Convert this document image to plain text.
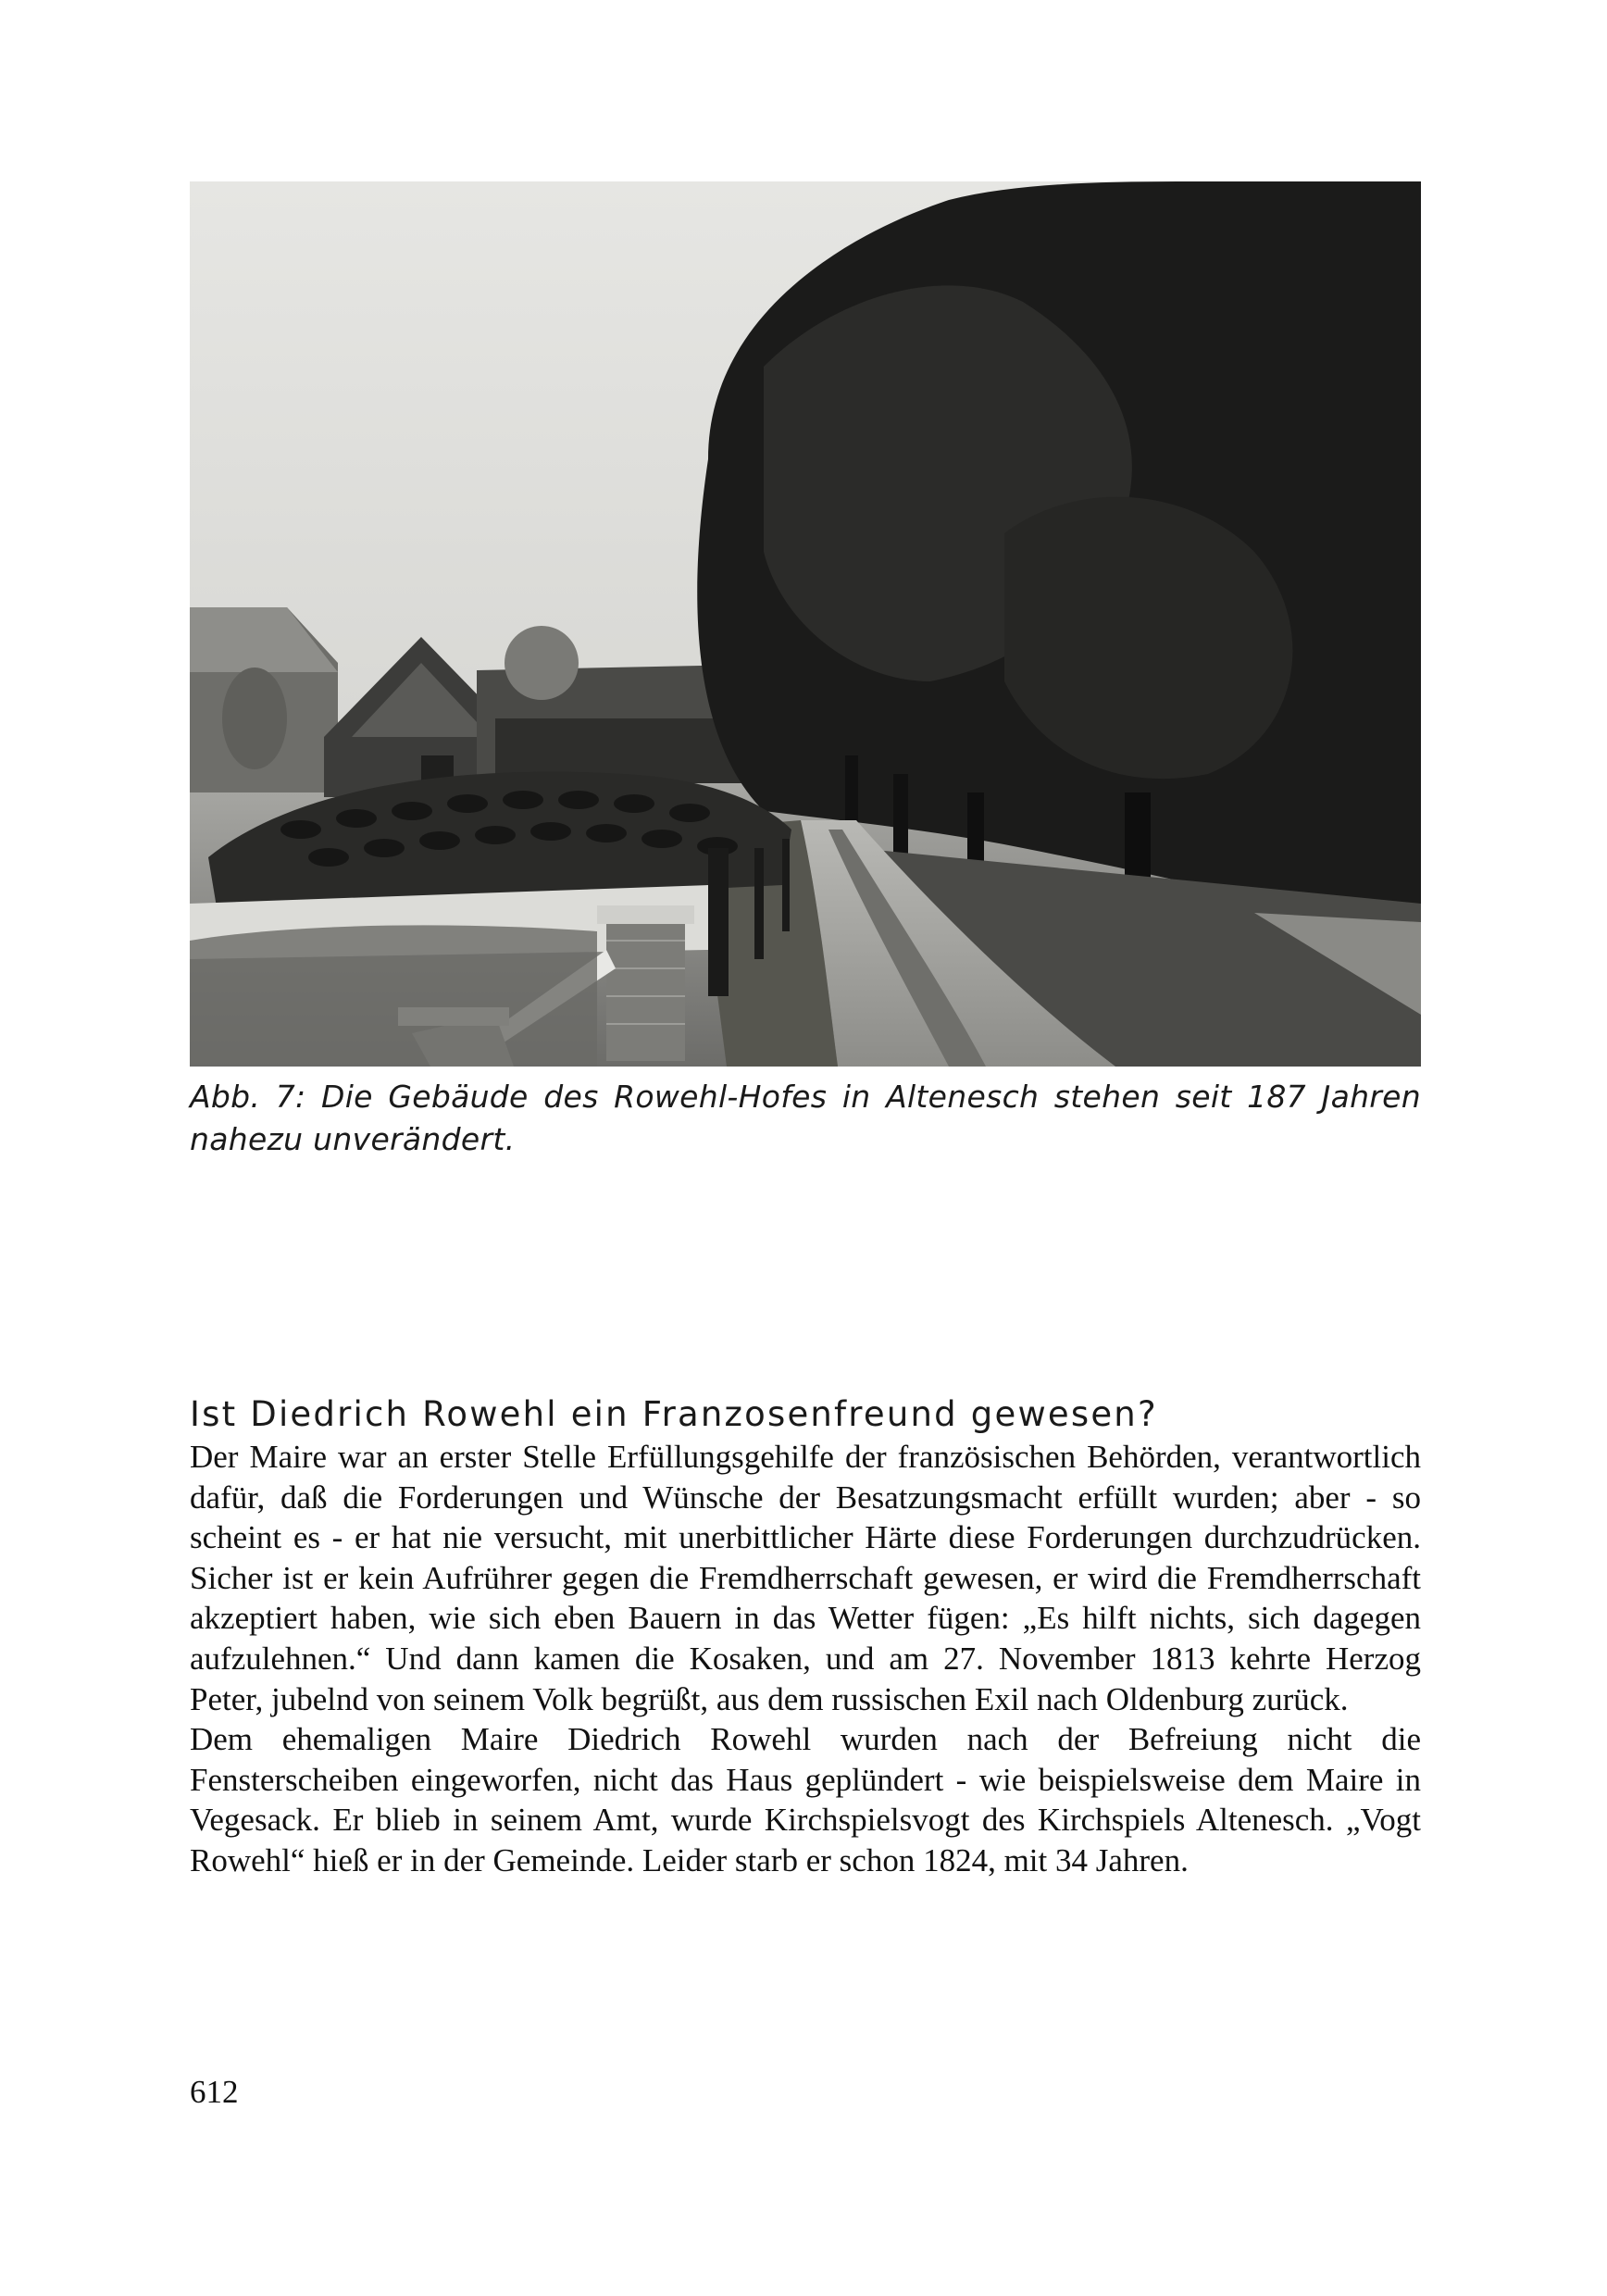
Abb. 7: Die Gebäude des Rowehl-Hofes in Altenesch stehen seit 187 Jahren nahezu unverändert.
Ist Diedrich Rowehl ein Franzosenfreund gewesen?

Der Maire war an erster Stelle Erfüllungsgehilfe der französischen Behörden, verantwortlich dafür, daß die Forderungen und Wünsche der Besatzungsmacht erfüllt wurden; aber - so scheint es - er hat nie versucht, mit unerbittlicher Härte diese Forderungen durchzudrücken. Sicher ist er kein Aufrührer gegen die Fremdherrschaft gewesen, er wird die Fremdherrschaft akzeptiert haben, wie sich eben Bauern in das Wetter fügen: „Es hilft nichts, sich dagegen aufzulehnen.“ Und dann kamen die Kosaken, und am 27. November 1813 kehrte Herzog Peter, jubelnd von seinem Volk begrüßt, aus dem russischen Exil nach Oldenburg zurück.

Dem ehemaligen Maire Diedrich Rowehl wurden nach der Befreiung nicht die Fensterscheiben eingeworfen, nicht das Haus geplündert - wie beispielsweise dem Maire in Vegesack. Er blieb in seinem Amt, wurde Kirchspielsvogt des Kirchspiels Altenesch. „Vogt Rowehl“ hieß er in der Gemeinde. Leider starb er schon 1824, mit 34 Jahren.

612
